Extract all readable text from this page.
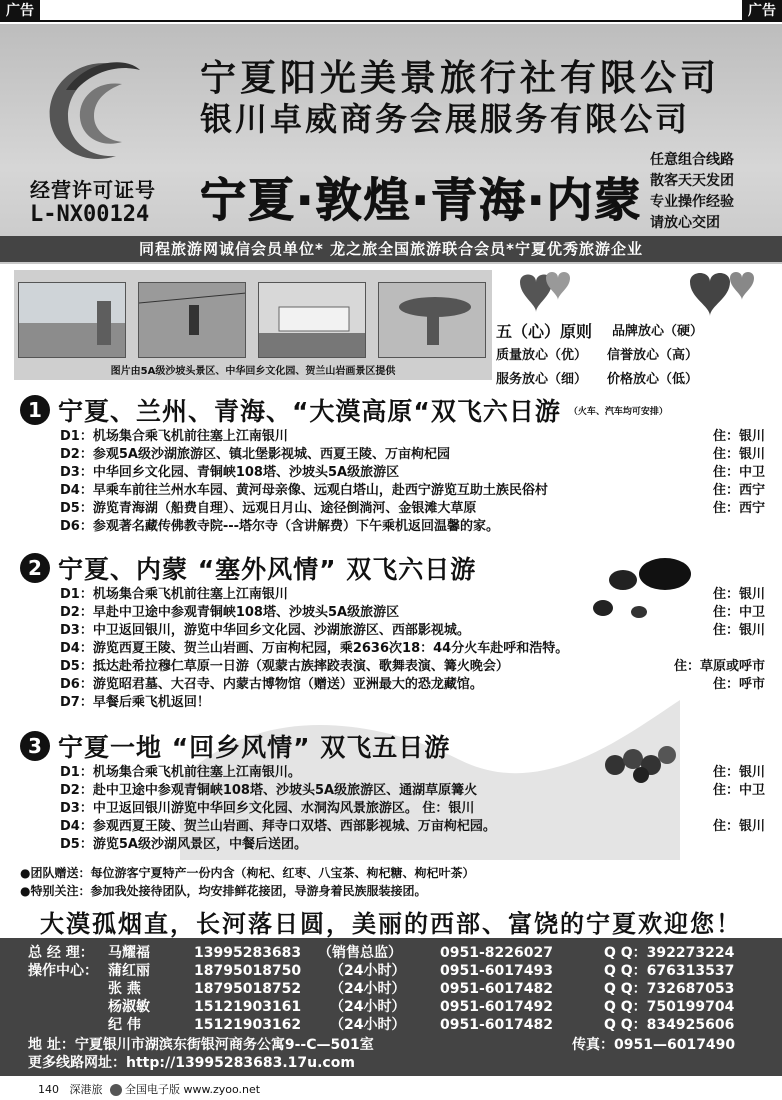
广告	广告
经营许可证号
L-NX00124
宁夏阳光美景旅行社有限公司
银川卓威商务会展服务有限公司
宁夏·敦煌·青海·内蒙
任意组合线路
散客天天发团
专业操作经验
请放心交团
同程旅游网诚信会员单位* 龙之旅全国旅游联合会员*宁夏优秀旅游企业
图片由5A级沙坡头景区、中华回乡文化园、贺兰山岩画景区提供
五（心）原则 品牌放心（硬）
质量放心（优） 信誉放心（高）
服务放心（细） 价格放心（低）
1 宁夏、兰州、青海、“大漠高原“双飞六日游 （火车、汽车均可安排）
D1：机场集合乘飞机前往塞上江南银川	住：银川
D2：参观5A级沙湖旅游区、镇北堡影视城、西夏王陵、万亩枸杞园	住：银川
D3：中华回乡文化园、青铜峡108塔、沙坡头5A级旅游区	住：中卫
D4：早乘车前往兰州水车园、黄河母亲像、远观白塔山，赴西宁游览互助土族民俗村	住：西宁
D5：游览青海湖（船费自理）、远观日月山、途径倒淌河、金银滩大草原	住：西宁
D6：参观著名藏传佛教寺院---塔尔寺（含讲解费）下午乘机返回温馨的家。
2 宁夏、内蒙 “塞外风情” 双飞六日游
D1：机场集合乘飞机前往塞上江南银川	住：银川
D2：早赴中卫途中参观青铜峡108塔、沙坡头5A级旅游区	住：中卫
D3：中卫返回银川，游览中华回乡文化园、沙湖旅游区、西部影视城。	住：银川
D4：游览西夏王陵、贺兰山岩画、万亩枸杞园，乘2636次18：44分火车赴呼和浩特。
D5：抵达赴希拉穆仁草原一日游（观蒙古族摔跤表演、歌舞表演、篝火晚会）	住：草原或呼市
D6：游览昭君墓、大召寺、内蒙古博物馆（赠送）亚洲最大的恐龙藏馆。	住：呼市
D7：早餐后乘飞机返回！
3 宁夏一地 “回乡风情” 双飞五日游
D1：机场集合乘飞机前往塞上江南银川。	住：银川
D2：赴中卫途中参观青铜峡108塔、沙坡头5A级旅游区、通湖草原篝火	住：中卫
D3：中卫返回银川游览中华回乡文化园、水洞沟风景旅游区。 住：银川
D4：参观西夏王陵、贺兰山岩画、拜寺口双塔、西部影视城、万亩枸杞园。	住：银川
D5：游览5A级沙湖风景区，中餐后送团。
●团队赠送：每位游客宁夏特产一份内含（枸杞、红枣、八宝茶、枸杞糖、枸杞叶茶）
●特别关注：参加我处接待团队，均安排鲜花接团，导游身着民族服装接团。
大漠孤烟直，长河落日圆，美丽的西部、富饶的宁夏欢迎您！
总 经 理： 马耀福	13995283683 （销售总监）	0951-8226027	Q Q：392273224
操作中心： 蒲红丽	18795018750 （24小时） 0951-6017493	Q Q：676313537
张 燕	18795018752 （24小时） 0951-6017482	Q Q：732687053
杨淑敏	15121903161 （24小时） 0951-6017492	Q Q：750199704
纪 伟	15121903162 （24小时） 0951-6017482	Q Q：834925606
地 址：宁夏银川市湖滨东街银河商务公寓9--C—501室	传真：0951—6017490
更多线路网址：http://13995283683.17u.com
140 深港旅 全国电子版 www.zyoo.net
